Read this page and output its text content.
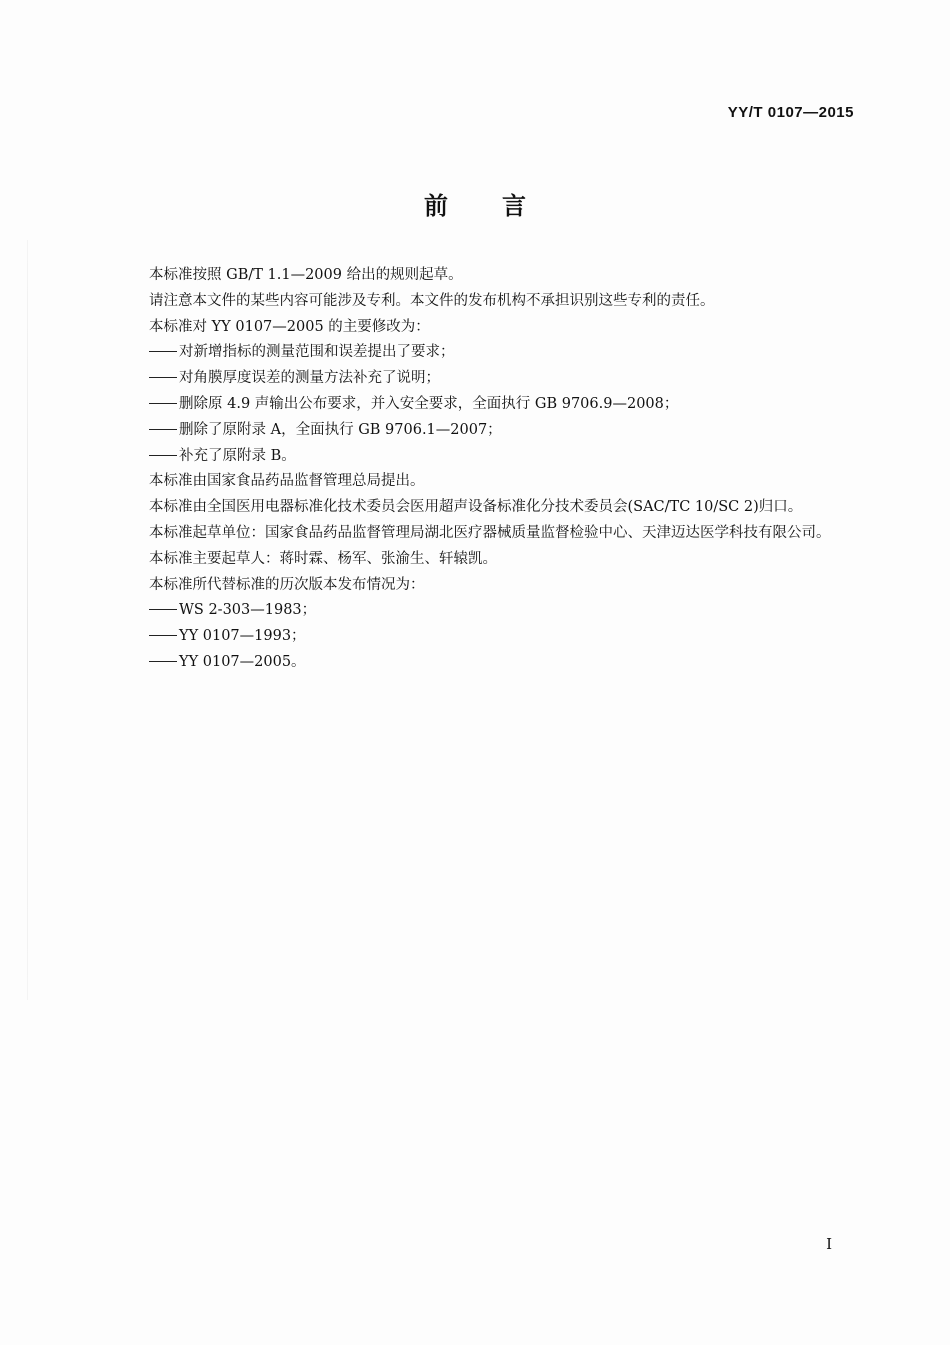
YY/T 0107—2015
前 言

本标准按照 GB/T 1.1—2009 给出的规则起草。

请注意本文件的某些内容可能涉及专利。本文件的发布机构不承担识别这些专利的责任。

本标准对 YY 0107—2005 的主要修改为：

对新增指标的测量范围和误差提出了要求；

对角膜厚度误差的测量方法补充了说明；

删除原 4.9 声输出公布要求，并入安全要求，全面执行 GB 9706.9—2008；

删除了原附录 A，全面执行 GB 9706.1—2007；

补充了原附录 B。

本标准由国家食品药品监督管理总局提出。

本标准由全国医用电器标准化技术委员会医用超声设备标准化分技术委员会(SAC/TC 10/SC 2)归口。

本标准起草单位：国家食品药品监督管理局湖北医疗器械质量监督检验中心、天津迈达医学科技有限公司。

本标准主要起草人：蒋时霖、杨军、张渝生、轩辕凯。

本标准所代替标准的历次版本发布情况为：

WS 2-303—1983；

YY 0107—1993；

YY 0107—2005。

I
